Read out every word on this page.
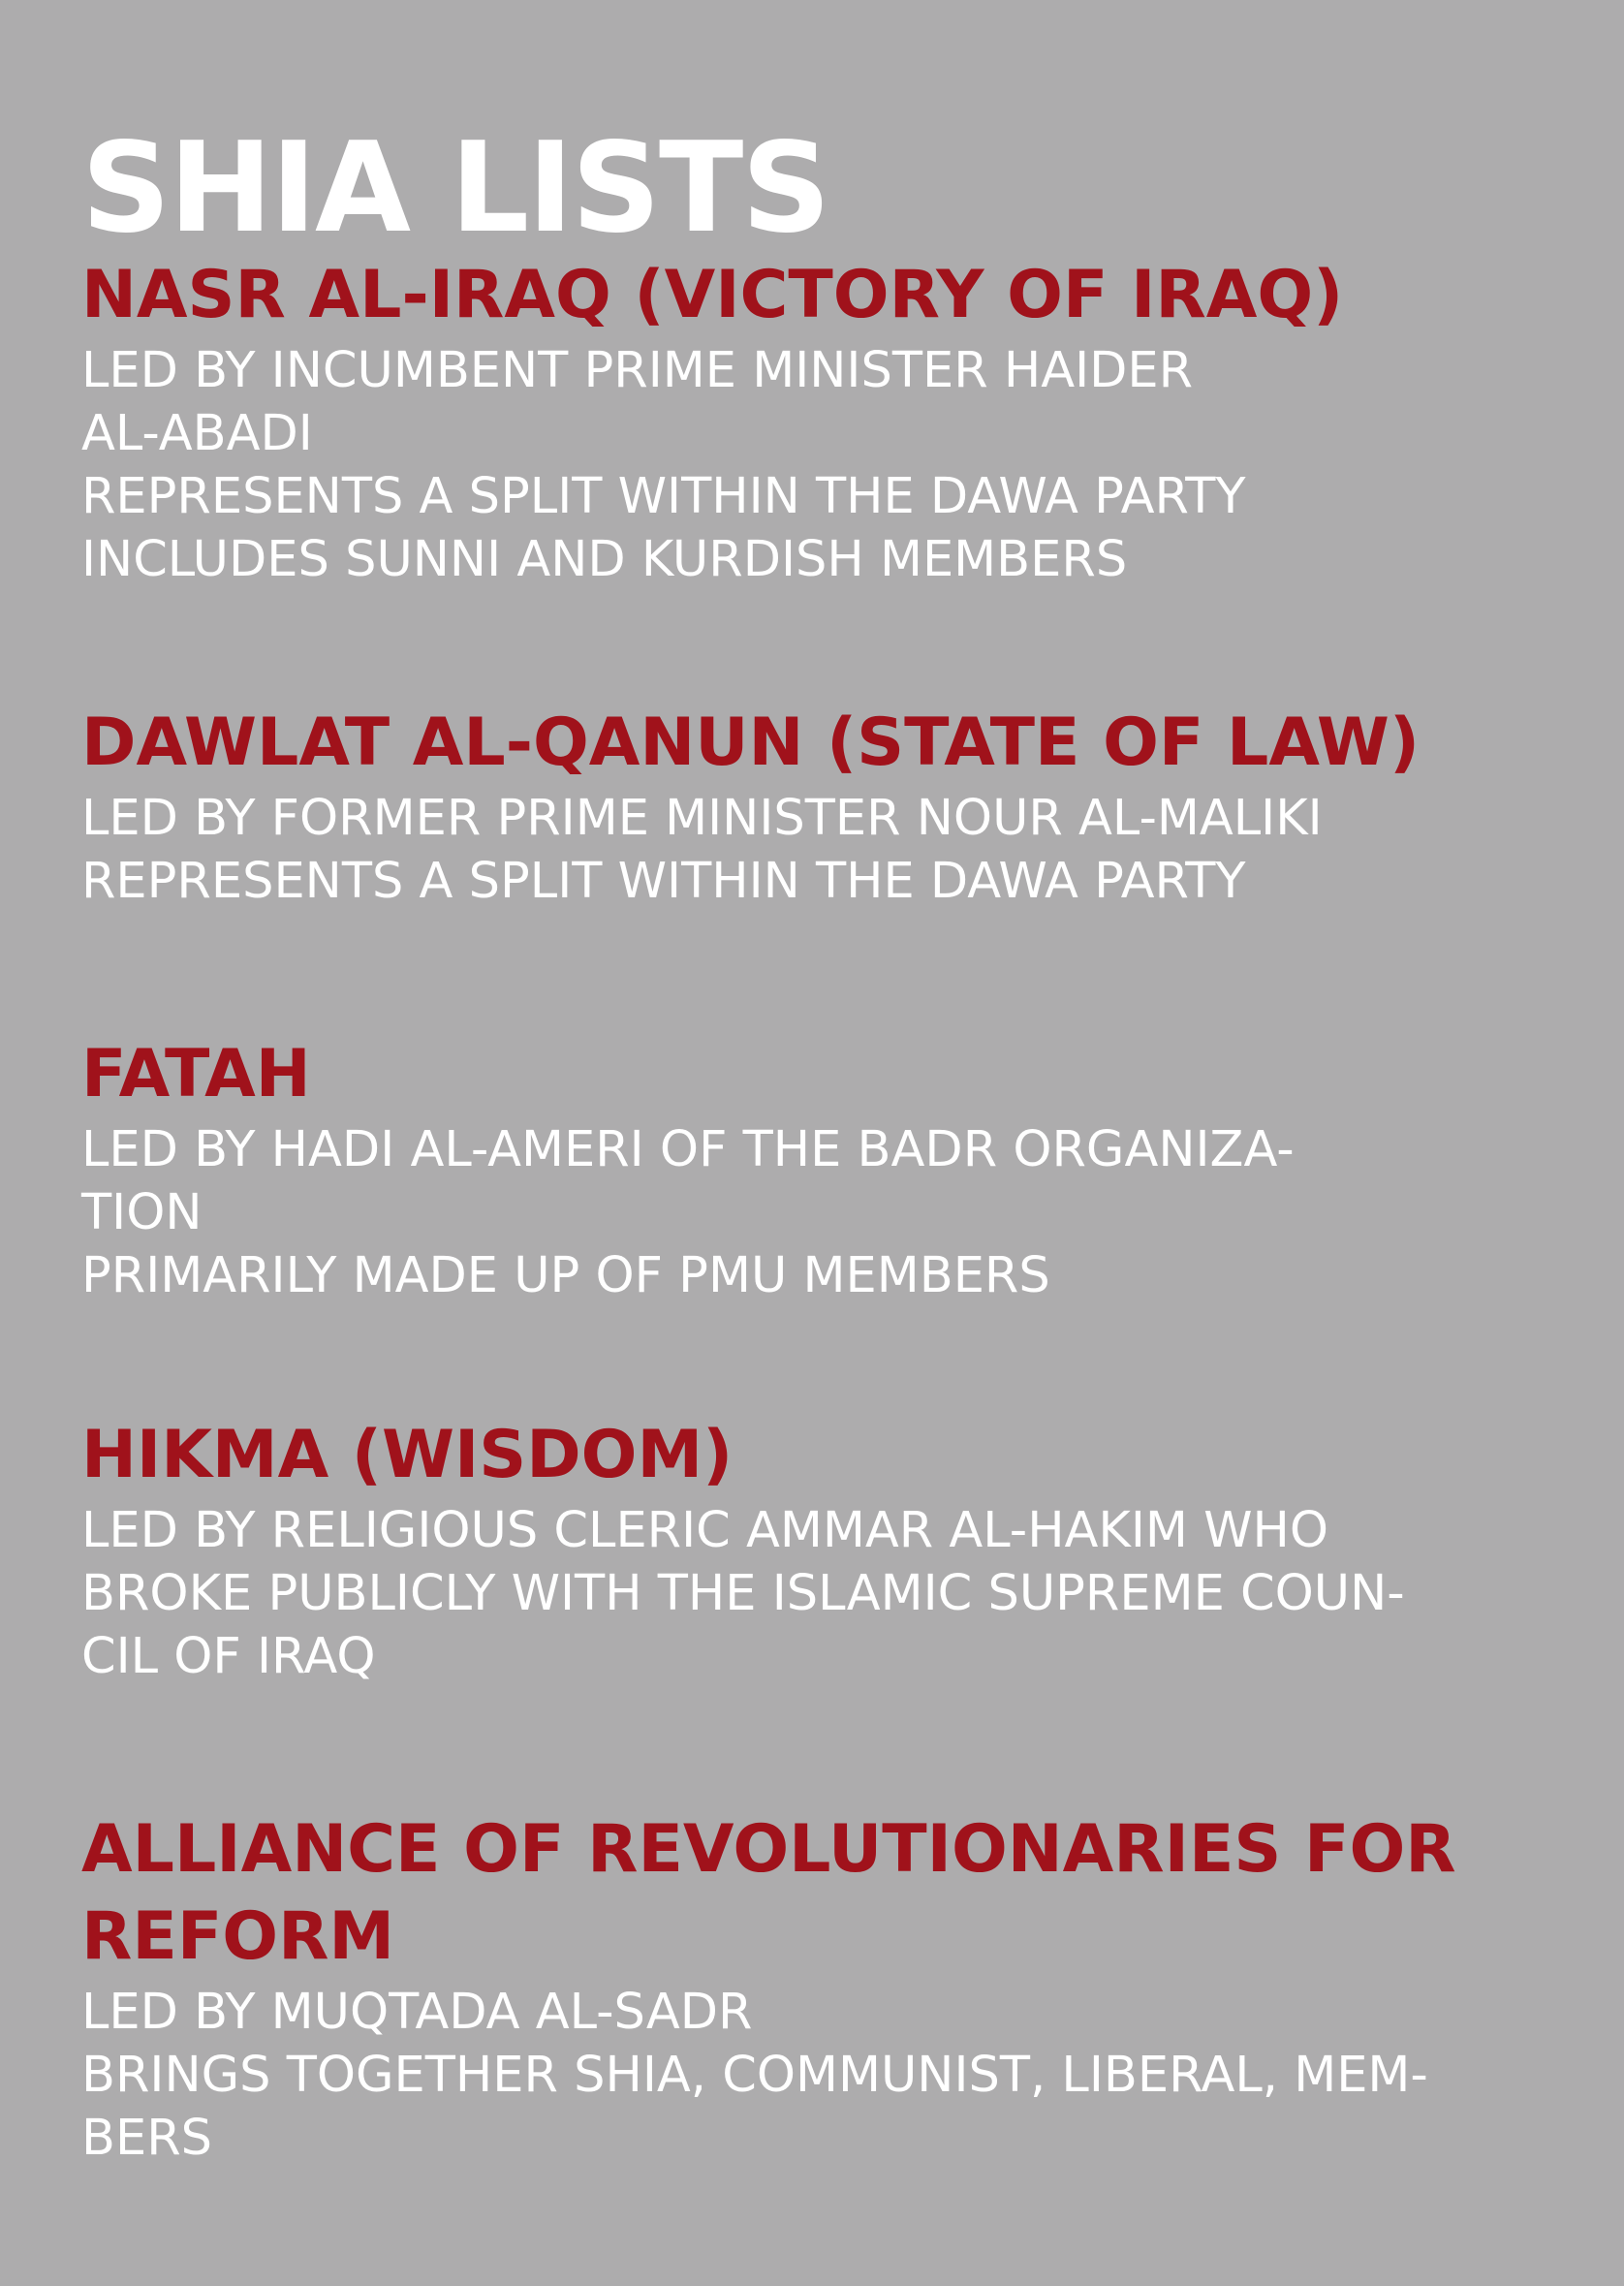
SHIA LISTS
NASR AL-IRAQ (VICTORY OF IRAQ)
LED BY INCUMBENT PRIME MINISTER HAIDER
AL-ABADI
REPRESENTS A SPLIT WITHIN THE DAWA PARTY
INCLUDES SUNNI AND KURDISH MEMBERS
DAWLAT AL-QANUN (STATE OF LAW)
LED BY FORMER PRIME MINISTER NOUR AL-MALIKI
REPRESENTS A SPLIT WITHIN THE DAWA PARTY
FATAH
LED BY HADI AL-AMERI OF THE BADR ORGANIZA-
TION
PRIMARILY MADE UP OF PMU MEMBERS
HIKMA (WISDOM)
LED BY RELIGIOUS CLERIC AMMAR AL-HAKIM WHO
BROKE PUBLICLY WITH THE ISLAMIC SUPREME COUN-
CIL OF IRAQ
ALLIANCE OF REVOLUTIONARIES FOR
REFORM
LED BY MUQTADA AL-SADR
BRINGS TOGETHER SHIA, COMMUNIST, LIBERAL, MEM-
BERS
